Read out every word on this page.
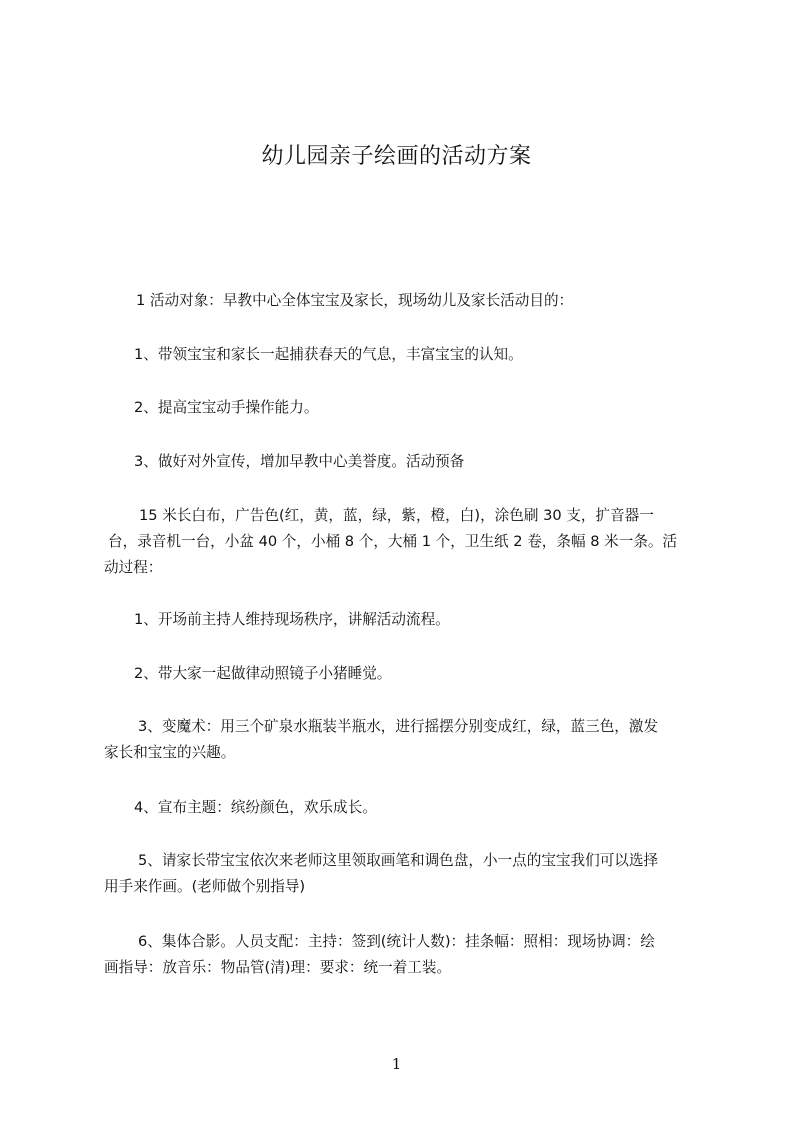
幼儿园亲子绘画的活动方案
1 活动对象：早教中心全体宝宝及家长，现场幼儿及家长活动目的：
1、带领宝宝和家长一起捕获春天的气息，丰富宝宝的认知。
2、提高宝宝动手操作能力。
3、做好对外宣传，增加早教中心美誉度。活动预备
15 米长白布，广告色(红，黄，蓝，绿，紫，橙，白)，涂色刷 30 支，扩音器一
台，录音机一台，小盆 40 个，小桶 8 个，大桶 1 个，卫生纸 2 卷，条幅 8 米一条。活
动过程：
1、开场前主持人维持现场秩序，讲解活动流程。
2、带大家一起做律动照镜子小猪睡觉。
3、变魔术：用三个矿泉水瓶装半瓶水，进行摇摆分别变成红，绿，蓝三色，激发
家长和宝宝的兴趣。
4、宣布主题：缤纷颜色，欢乐成长。
5、请家长带宝宝依次来老师这里领取画笔和调色盘，小一点的宝宝我们可以选择
用手来作画。(老师做个别指导)
6、集体合影。人员支配：主持：签到(统计人数)：挂条幅：照相：现场协调：绘
画指导：放音乐：物品管(清)理：要求：统一着工装。
1
